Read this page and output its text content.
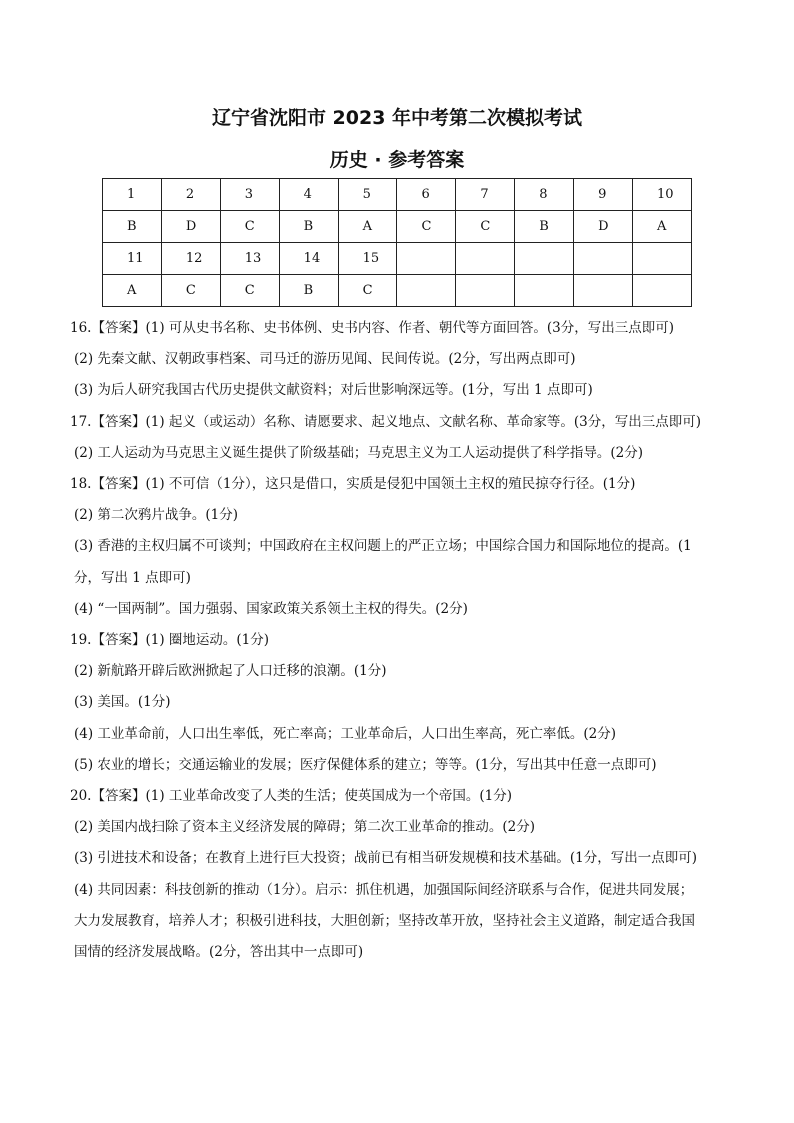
辽宁省沈阳市 2023 年中考第二次模拟考试
历史 · 参考答案
1	2	3	4	5	6	7	8	9	10
B	D	C	B	A	C	C	B	D	A
11	12	13	14	15					
A	C	C	B	C					
16.【答案】(1) 可从史书名称、史书体例、史书内容、作者、朝代等方面回答。(3分，写出三点即可)
(2) 先秦文献、汉朝政事档案、司马迁的游历见闻、民间传说。(2分，写出两点即可)
(3) 为后人研究我国古代历史提供文献资料；对后世影响深远等。(1分，写出 1 点即可)
17.【答案】(1) 起义（或运动）名称、请愿要求、起义地点、文献名称、革命家等。(3分，写出三点即可)
(2) 工人运动为马克思主义诞生提供了阶级基础；马克思主义为工人运动提供了科学指导。(2分)
18.【答案】(1) 不可信（1分），这只是借口，实质是侵犯中国领土主权的殖民掠夺行径。(1分)
(2) 第二次鸦片战争。(1分)
(3) 香港的主权归属不可谈判；中国政府在主权问题上的严正立场；中国综合国力和国际地位的提高。(1
分，写出 1 点即可)
(4) “一国两制”。国力强弱、国家政策关系领土主权的得失。(2分)
19.【答案】(1) 圈地运动。(1分)
(2) 新航路开辟后欧洲掀起了人口迁移的浪潮。(1分)
(3) 美国。(1分)
(4) 工业革命前，人口出生率低，死亡率高；工业革命后，人口出生率高，死亡率低。(2分)
(5) 农业的增长；交通运输业的发展；医疗保健体系的建立；等等。(1分，写出其中任意一点即可)
20.【答案】(1) 工业革命改变了人类的生活；使英国成为一个帝国。(1分)
(2) 美国内战扫除了资本主义经济发展的障碍；第二次工业革命的推动。(2分)
(3) 引进技术和设备；在教育上进行巨大投资；战前已有相当研发规模和技术基础。(1分，写出一点即可)
(4) 共同因素：科技创新的推动（1分）。启示：抓住机遇，加强国际间经济联系与合作，促进共同发展；
大力发展教育，培养人才；积极引进科技，大胆创新；坚持改革开放，坚持社会主义道路，制定适合我国
国情的经济发展战略。(2分，答出其中一点即可)
